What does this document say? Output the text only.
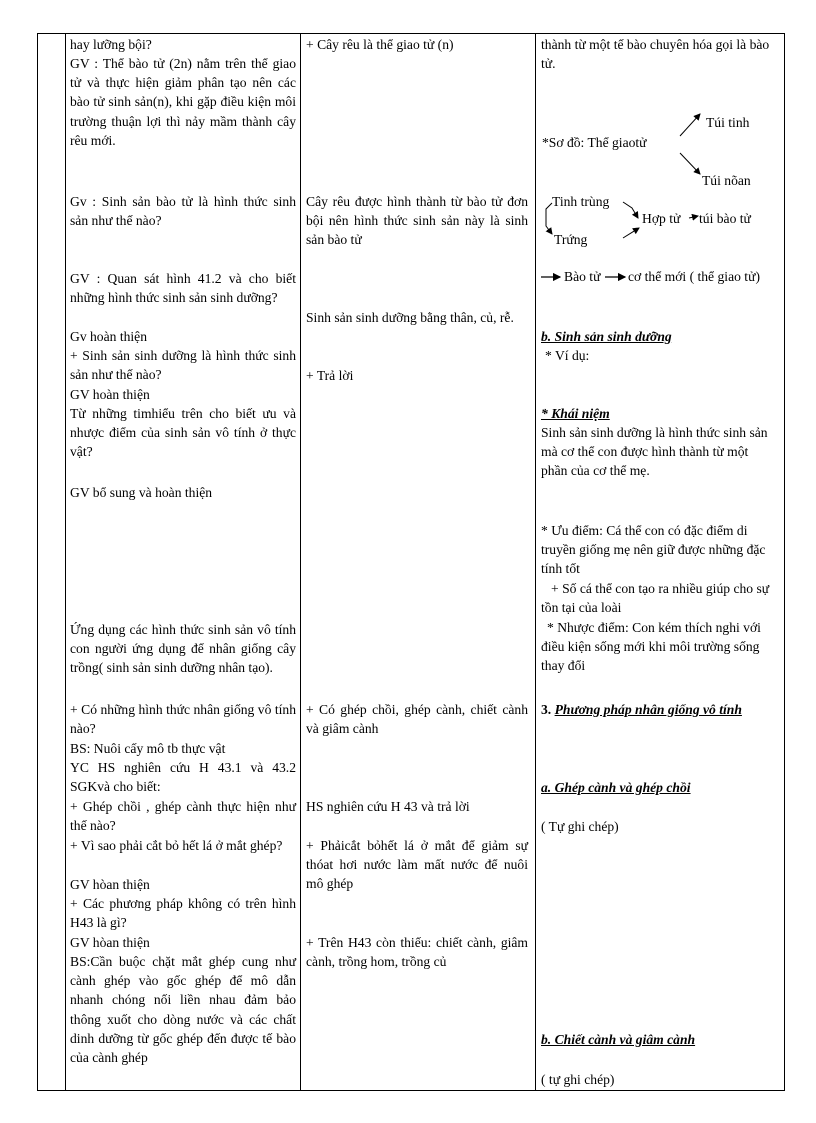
hay lưỡng bội?
GV : Thể bào tử (2n) nằm trên thể giao tử và thực hiện giảm phân tạo nên các bào tử sinh sản(n), khi gặp điều kiện môi trường thuận lợi thì nảy mầm thành cây rêu mới.
Gv : Sinh sản bào tử là hình thức sinh sản như thế nào?
GV : Quan sát hình 41.2 và cho biết những hình thức sinh sản sinh dưỡng?
Gv hoàn thiện
+ Sinh sản sinh dưỡng là hình thức sinh sản như thế nào?
GV hoàn thiện
Từ những timhiểu trên cho biết ưu và nhược điểm của sinh sản vô tính ở thực vật?
GV bổ sung và hoàn thiện
Ứng dụng các hình thức sinh sản vô tính con người ứng dụng để nhân giống cây trồng( sinh sản sinh dưỡng nhân tạo).
+ Có những hình thức nhân giống vô tính nào?
BS: Nuôi cấy mô tb thực vật
YC HS nghiên cứu H 43.1 và 43.2 SGKvà cho biết:
+ Ghép chồi , ghép cành thực hiện như thế nào?
+ Vì sao phải cắt bỏ hết lá ở mắt ghép?
GV hòan thiện
+ Các phương pháp không có trên hình H43 là gì?
GV hòan thiện
BS:Cần buộc chặt mắt ghép cung như cành ghép vào gốc ghép để mô dẫn nhanh chóng nối liền nhau đảm bảo thông xuốt cho dòng nước và các chất dinh dưỡng từ gốc ghép đến được tế bào của cành ghép
+ Cây rêu là thể giao tử (n)
Cây rêu được hình thành từ bào tử đơn bội nên hình thức sinh sản này là sinh sản bào tử
Sinh sản sinh dưỡng bằng thân, củ, rễ.
+ Trả lời
+ Có ghép chồi, ghép cành, chiết cành và giâm cành
HS nghiên cứu H 43 và trả lời
+ Phảicắt bỏhết lá ở mắt để giảm sự thóat hơi nước làm mất nước để nuôi mô ghép
+ Trên H43 còn thiếu: chiết cành, giâm cành, trồng hom, trồng củ
thành từ một tế bào chuyên hóa gọi là bào tử.
b. Sinh sản sinh dưỡng
* Ví dụ:
* Khái niệm
Sinh sản sinh dưỡng là hình thức sinh sản mà cơ thể con được hình thành từ một phần của cơ thể mẹ.
* Ưu điểm: Cá thể con có đặc điểm di truyền giống mẹ nên giữ được những đặc tính tốt
+ Số cá thể con tạo ra nhiều giúp cho sự tồn tại của loài
* Nhược điểm: Con kém thích nghi với điều kiện sống mới khi môi trường sống thay đổi
3. Phương pháp nhân giống vô tính
a. Ghép cành và ghép chồi
( Tự ghi chép)
b. Chiết cành và giâm cành
( tự ghi chép)
*Sơ đồ: Thể giaotử
Túi tinh
Túi nõan
Tinh trùng
Trứng
Hợp tử túi bào tử
Bào tử cơ thể mới ( thể giao tử)
